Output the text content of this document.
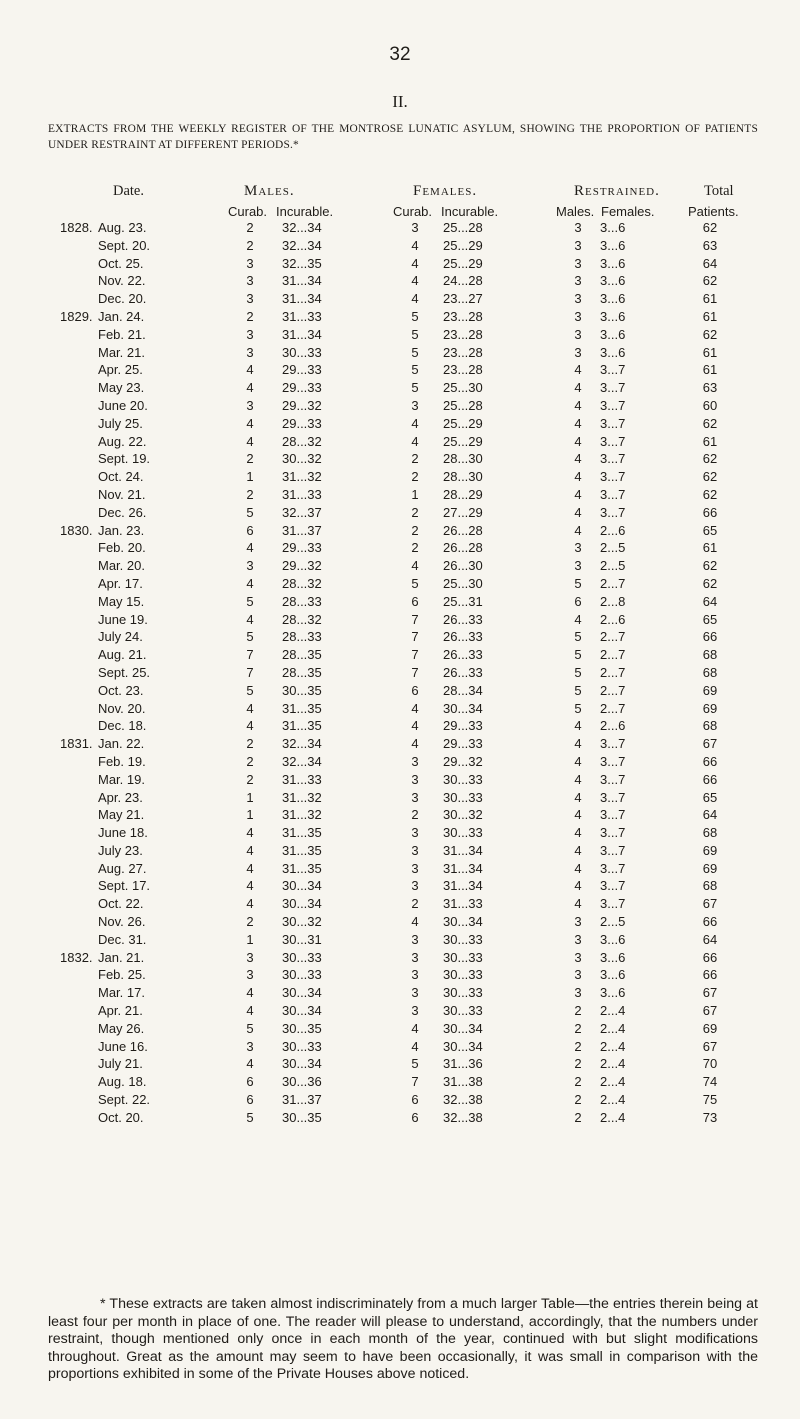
32
II.
EXTRACTS FROM THE WEEKLY REGISTER OF THE MONTROSE LUNATIC ASYLUM, SHOWING THE PROPORTION OF PATIENTS UNDER RESTRAINT AT DIFFERENT PERIODS.*
Date.	Males.	Females.	Restrained.	Total
Curab. Incurable.	Curab. Incurable.	Males. Females.	Patients.
1828. Aug. 23.	2	32...34	3	25...28	3	3...6	62
Sept. 20.	2	32...34	4	25...29	3	3...6	63
Oct. 25.	3	32...35	4	25...29	3	3...6	64
Nov. 22.	3	31...34	4	24...28	3	3...6	62
Dec. 20.	3	31...34	4	23...27	3	3...6	61
1829. Jan. 24.	2	31...33	5	23...28	3	3...6	61
Feb. 21.	3	31...34	5	23...28	3	3...6	62
Mar. 21.	3	30...33	5	23...28	3	3...6	61
Apr. 25.	4	29...33	5	23...28	4	3...7	61
May 23.	4	29...33	5	25...30	4	3...7	63
June 20.	3	29...32	3	25...28	4	3...7	60
July 25.	4	29...33	4	25...29	4	3...7	62
Aug. 22.	4	28...32	4	25...29	4	3...7	61
Sept. 19.	2	30...32	2	28...30	4	3...7	62
Oct. 24.	1	31...32	2	28...30	4	3...7	62
Nov. 21.	2	31...33	1	28...29	4	3...7	62
Dec. 26.	5	32...37	2	27...29	4	3...7	66
1830. Jan. 23.	6	31...37	2	26...28	4	2...6	65
Feb. 20.	4	29...33	2	26...28	3	2...5	61
Mar. 20.	3	29...32	4	26...30	3	2...5	62
Apr. 17.	4	28...32	5	25...30	5	2...7	62
May 15.	5	28...33	6	25...31	6	2...8	64
June 19.	4	28...32	7	26...33	4	2...6	65
July 24.	5	28...33	7	26...33	5	2...7	66
Aug. 21.	7	28...35	7	26...33	5	2...7	68
Sept. 25.	7	28...35	7	26...33	5	2...7	68
Oct. 23.	5	30...35	6	28...34	5	2...7	69
Nov. 20.	4	31...35	4	30...34	5	2...7	69
Dec. 18.	4	31...35	4	29...33	4	2...6	68
1831. Jan. 22.	2	32...34	4	29...33	4	3...7	67
Feb. 19.	2	32...34	3	29...32	4	3...7	66
Mar. 19.	2	31...33	3	30...33	4	3...7	66
Apr. 23.	1	31...32	3	30...33	4	3...7	65
May 21.	1	31...32	2	30...32	4	3...7	64
June 18.	4	31...35	3	30...33	4	3...7	68
July 23.	4	31...35	3	31...34	4	3...7	69
Aug. 27.	4	31...35	3	31...34	4	3...7	69
Sept. 17.	4	30...34	3	31...34	4	3...7	68
Oct. 22.	4	30...34	2	31...33	4	3...7	67
Nov. 26.	2	30...32	4	30...34	3	2...5	66
Dec. 31.	1	30...31	3	30...33	3	3...6	64
1832. Jan. 21.	3	30...33	3	30...33	3	3...6	66
Feb. 25.	3	30...33	3	30...33	3	3...6	66
Mar. 17.	4	30...34	3	30...33	3	3...6	67
Apr. 21.	4	30...34	3	30...33	2	2...4	67
May 26.	5	30...35	4	30...34	2	2...4	69
June 16.	3	30...33	4	30...34	2	2...4	67
July 21.	4	30...34	5	31...36	2	2...4	70
Aug. 18.	6	30...36	7	31...38	2	2...4	74
Sept. 22.	6	31...37	6	32...38	2	2...4	75
Oct. 20.	5	30...35	6	32...38	2	2...4	73
* These extracts are taken almost indiscriminately from a much larger Table—the entries therein being at least four per month in place of one. The reader will please to understand, accordingly, that the numbers under restraint, though mentioned only once in each month of the year, continued with but slight modifications throughout. Great as the amount may seem to have been occasionally, it was small in comparison with the proportions exhibited in some of the Private Houses above noticed.
